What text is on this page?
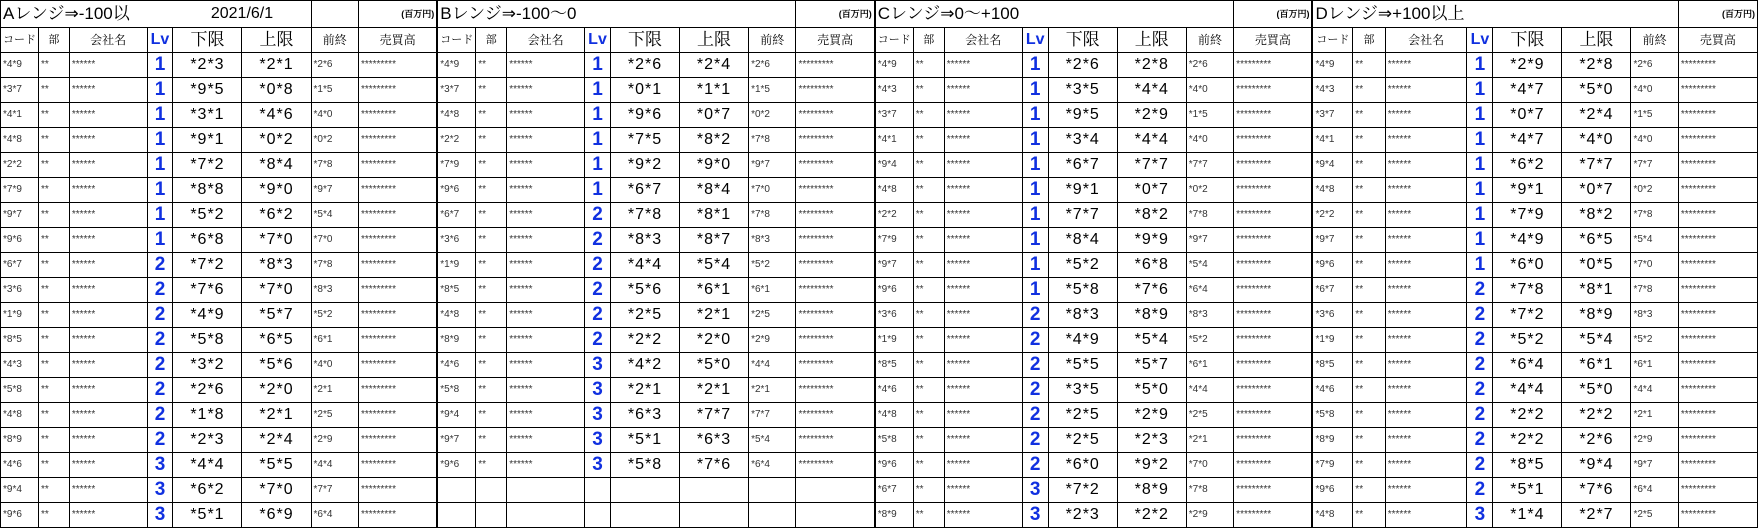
Aレンジ⇒-100以				2021/6/1			(百万円)	Bレンジ⇒-100～0							(百万円)	Cレンジ⇒0～+100							(百万円)	Dレンジ⇒+100以上							(百万円)
コード	部	会社名	Lv	下限	上限	前終	売買高	コード	部	会社名	Lv	下限	上限	前終	売買高	コード	部	会社名	Lv	下限	上限	前終	売買高	コード	部	会社名	Lv	下限	上限	前終	売買高
*4*9	**	******	1	*2*3	*2*1	*2*6	*********	*4*9	**	******	1	*2*6	*2*4	*2*6	*********	*4*9	**	******	1	*2*6	*2*8	*2*6	*********	*4*9	**	******	1	*2*9	*2*8	*2*6	*********
*3*7	**	******	1	*9*5	*0*8	*1*5	*********	*3*7	**	******	1	*0*1	*1*1	*1*5	*********	*4*3	**	******	1	*3*5	*4*4	*4*0	*********	*4*3	**	******	1	*4*7	*5*0	*4*0	*********
*4*1	**	******	1	*3*1	*4*6	*4*0	*********	*4*8	**	******	1	*9*6	*0*7	*0*2	*********	*3*7	**	******	1	*9*5	*2*9	*1*5	*********	*3*7	**	******	1	*0*7	*2*4	*1*5	*********
*4*8	**	******	1	*9*1	*0*2	*0*2	*********	*2*2	**	******	1	*7*5	*8*2	*7*8	*********	*4*1	**	******	1	*3*4	*4*4	*4*0	*********	*4*1	**	******	1	*4*7	*4*0	*4*0	*********
*2*2	**	******	1	*7*2	*8*4	*7*8	*********	*7*9	**	******	1	*9*2	*9*0	*9*7	*********	*9*4	**	******	1	*6*7	*7*7	*7*7	*********	*9*4	**	******	1	*6*2	*7*7	*7*7	*********
*7*9	**	******	1	*8*8	*9*0	*9*7	*********	*9*6	**	******	1	*6*7	*8*4	*7*0	*********	*4*8	**	******	1	*9*1	*0*7	*0*2	*********	*4*8	**	******	1	*9*1	*0*7	*0*2	*********
*9*7	**	******	1	*5*2	*6*2	*5*4	*********	*6*7	**	******	2	*7*8	*8*1	*7*8	*********	*2*2	**	******	1	*7*7	*8*2	*7*8	*********	*2*2	**	******	1	*7*9	*8*2	*7*8	*********
*9*6	**	******	1	*6*8	*7*0	*7*0	*********	*3*6	**	******	2	*8*3	*8*7	*8*3	*********	*7*9	**	******	1	*8*4	*9*9	*9*7	*********	*9*7	**	******	1	*4*9	*6*5	*5*4	*********
*6*7	**	******	2	*7*2	*8*3	*7*8	*********	*1*9	**	******	2	*4*4	*5*4	*5*2	*********	*9*7	**	******	1	*5*2	*6*8	*5*4	*********	*9*6	**	******	1	*6*0	*0*5	*7*0	*********
*3*6	**	******	2	*7*6	*7*0	*8*3	*********	*8*5	**	******	2	*5*6	*6*1	*6*1	*********	*9*6	**	******	1	*5*8	*7*6	*6*4	*********	*6*7	**	******	2	*7*8	*8*1	*7*8	*********
*1*9	**	******	2	*4*9	*5*7	*5*2	*********	*4*8	**	******	2	*2*5	*2*1	*2*5	*********	*3*6	**	******	2	*8*3	*8*9	*8*3	*********	*3*6	**	******	2	*7*2	*8*9	*8*3	*********
*8*5	**	******	2	*5*8	*6*5	*6*1	*********	*8*9	**	******	2	*2*2	*2*0	*2*9	*********	*1*9	**	******	2	*4*9	*5*4	*5*2	*********	*1*9	**	******	2	*5*2	*5*4	*5*2	*********
*4*3	**	******	2	*3*2	*5*6	*4*0	*********	*4*6	**	******	3	*4*2	*5*0	*4*4	*********	*8*5	**	******	2	*5*5	*5*7	*6*1	*********	*8*5	**	******	2	*6*4	*6*1	*6*1	*********
*5*8	**	******	2	*2*6	*2*0	*2*1	*********	*5*8	**	******	3	*2*1	*2*1	*2*1	*********	*4*6	**	******	2	*3*5	*5*0	*4*4	*********	*4*6	**	******	2	*4*4	*5*0	*4*4	*********
*4*8	**	******	2	*1*8	*2*1	*2*5	*********	*9*4	**	******	3	*6*3	*7*7	*7*7	*********	*4*8	**	******	2	*2*5	*2*9	*2*5	*********	*5*8	**	******	2	*2*2	*2*2	*2*1	*********
*8*9	**	******	2	*2*3	*2*4	*2*9	*********	*9*7	**	******	3	*5*1	*6*3	*5*4	*********	*5*8	**	******	2	*2*5	*2*3	*2*1	*********	*8*9	**	******	2	*2*2	*2*6	*2*9	*********
*4*6	**	******	3	*4*4	*5*5	*4*4	*********	*9*6	**	******	3	*5*8	*7*6	*6*4	*********	*9*6	**	******	2	*6*0	*9*2	*7*0	*********	*7*9	**	******	2	*8*5	*9*4	*9*7	*********
*9*4	**	******	3	*6*2	*7*0	*7*7	*********									*6*7	**	******	3	*7*2	*8*9	*7*8	*********	*9*6	**	******	2	*5*1	*7*6	*6*4	*********
*9*6	**	******	3	*5*1	*6*9	*6*4	*********									*8*9	**	******	3	*2*3	*2*2	*2*9	*********	*4*8	**	******	3	*1*4	*2*7	*2*5	*********
